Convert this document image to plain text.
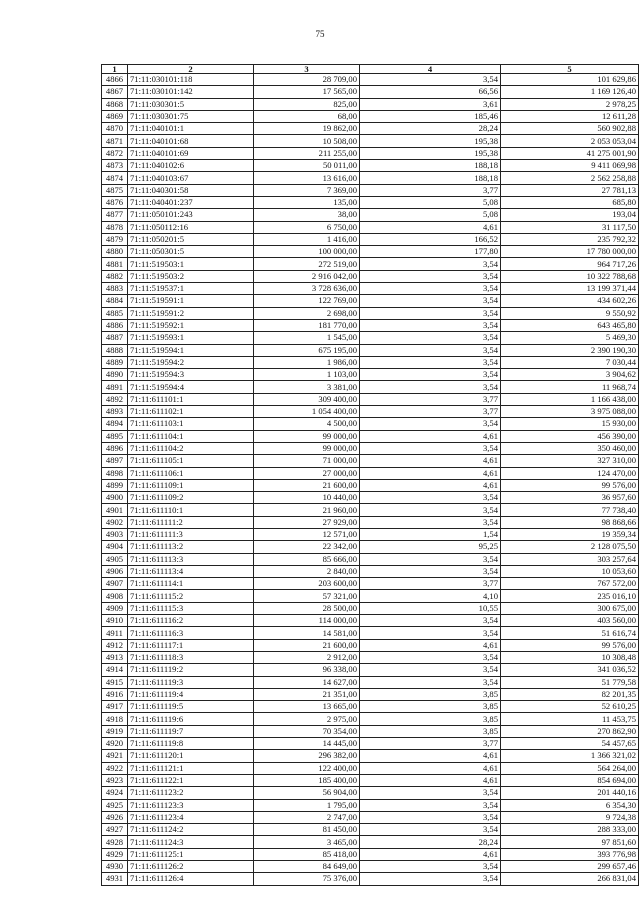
75
1	2	3	4	5
4866	71:11:030101:118	28 709,00	3,54	101 629,86
4867	71:11:030101:142	17 565,00	66,56	1 169 126,40
4868	71:11:030301:5	825,00	3,61	2 978,25
4869	71:11:030301:75	68,00	185,46	12 611,28
4870	71:11:040101:1	19 862,00	28,24	560 902,88
4871	71:11:040101:68	10 508,00	195,38	2 053 053,04
4872	71:11:040101:69	211 255,00	195,38	41 275 001,90
4873	71:11:040102:6	50 011,00	188,18	9 411 069,98
4874	71:11:040103:67	13 616,00	188,18	2 562 258,88
4875	71:11:040301:58	7 369,00	3,77	27 781,13
4876	71:11:040401:237	135,00	5,08	685,80
4877	71:11:050101:243	38,00	5,08	193,04
4878	71:11:050112:16	6 750,00	4,61	31 117,50
4879	71:11:050201:5	1 416,00	166,52	235 792,32
4880	71:11:050301:5	100 000,00	177,80	17 780 000,00
4881	71:11:519503:1	272 519,00	3,54	964 717,26
4882	71:11:519503:2	2 916 042,00	3,54	10 322 788,68
4883	71:11:519537:1	3 728 636,00	3,54	13 199 371,44
4884	71:11:519591:1	122 769,00	3,54	434 602,26
4885	71:11:519591:2	2 698,00	3,54	9 550,92
4886	71:11:519592:1	181 770,00	3,54	643 465,80
4887	71:11:519593:1	1 545,00	3,54	5 469,30
4888	71:11:519594:1	675 195,00	3,54	2 390 190,30
4889	71:11:519594:2	1 986,00	3,54	7 030,44
4890	71:11:519594:3	1 103,00	3,54	3 904,62
4891	71:11:519594:4	3 381,00	3,54	11 968,74
4892	71:11:611101:1	309 400,00	3,77	1 166 438,00
4893	71:11:611102:1	1 054 400,00	3,77	3 975 088,00
4894	71:11:611103:1	4 500,00	3,54	15 930,00
4895	71:11:611104:1	99 000,00	4,61	456 390,00
4896	71:11:611104:2	99 000,00	3,54	350 460,00
4897	71:11:611105:1	71 000,00	4,61	327 310,00
4898	71:11:611106:1	27 000,00	4,61	124 470,00
4899	71:11:611109:1	21 600,00	4,61	99 576,00
4900	71:11:611109:2	10 440,00	3,54	36 957,60
4901	71:11:611110:1	21 960,00	3,54	77 738,40
4902	71:11:611111:2	27 929,00	3,54	98 868,66
4903	71:11:611111:3	12 571,00	1,54	19 359,34
4904	71:11:611113:2	22 342,00	95,25	2 128 075,50
4905	71:11:611113:3	85 666,00	3,54	303 257,64
4906	71:11:611113:4	2 840,00	3,54	10 053,60
4907	71:11:611114:1	203 600,00	3,77	767 572,00
4908	71:11:611115:2	57 321,00	4,10	235 016,10
4909	71:11:611115:3	28 500,00	10,55	300 675,00
4910	71:11:611116:2	114 000,00	3,54	403 560,00
4911	71:11:611116:3	14 581,00	3,54	51 616,74
4912	71:11:611117:1	21 600,00	4,61	99 576,00
4913	71:11:611118:3	2 912,00	3,54	10 308,48
4914	71:11:611119:2	96 338,00	3,54	341 036,52
4915	71:11:611119:3	14 627,00	3,54	51 779,58
4916	71:11:611119:4	21 351,00	3,85	82 201,35
4917	71:11:611119:5	13 665,00	3,85	52 610,25
4918	71:11:611119:6	2 975,00	3,85	11 453,75
4919	71:11:611119:7	70 354,00	3,85	270 862,90
4920	71:11:611119:8	14 445,00	3,77	54 457,65
4921	71:11:611120:1	296 382,00	4,61	1 366 321,02
4922	71:11:611121:1	122 400,00	4,61	564 264,00
4923	71:11:611122:1	185 400,00	4,61	854 694,00
4924	71:11:611123:2	56 904,00	3,54	201 440,16
4925	71:11:611123:3	1 795,00	3,54	6 354,30
4926	71:11:611123:4	2 747,00	3,54	9 724,38
4927	71:11:611124:2	81 450,00	3,54	288 333,00
4928	71:11:611124:3	3 465,00	28,24	97 851,60
4929	71:11:611125:1	85 418,00	4,61	393 776,98
4930	71:11:611126:2	84 649,00	3,54	299 657,46
4931	71:11:611126:4	75 376,00	3,54	266 831,04
